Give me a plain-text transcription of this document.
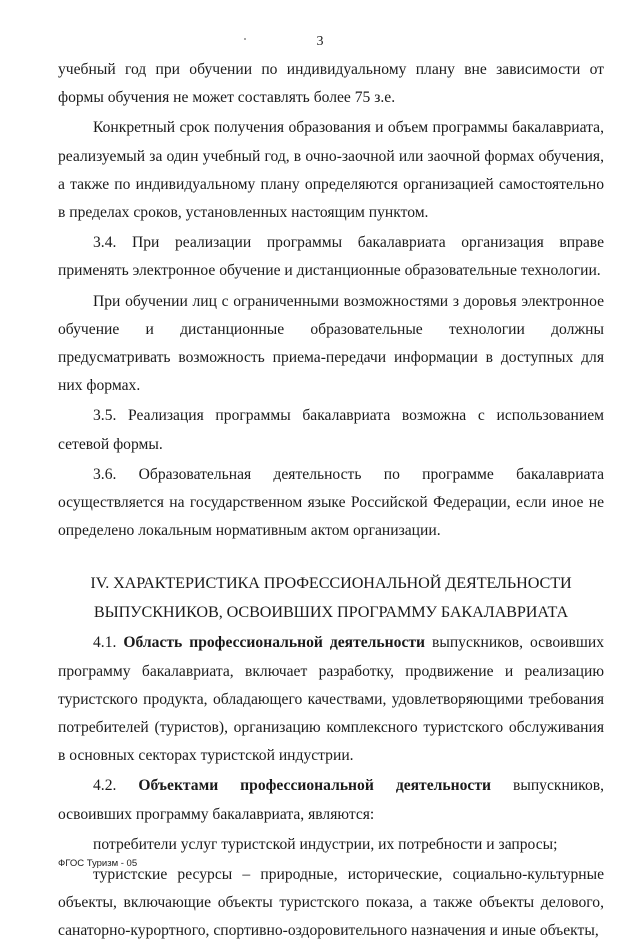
3

учебный год при обучении по индивидуальному плану вне зависимости от формы обучения не может составлять более 75 з.е.

Конкретный срок получения образования и объем программы бакалавриата, реализуемый за один учебный год, в очно-заочной или заочной формах обучения, а также по индивидуальному плану определяются организацией самостоятельно в пределах сроков, установленных настоящим пунктом.

3.4. При реализации программы бакалавриата организация вправе применять электронное обучение и дистанционные образовательные технологии.

При обучении лиц с ограниченными возможностями з доровья электронное обучение и дистанционные образовательные технологии должны предусматривать возможность приема-передачи информации в доступных для них формах.

3.5. Реализация программы бакалавриата возможна с использованием сетевой формы.

3.6. Образовательная деятельность по программе бакалавриата осуществляется на государственном языке Российской Федерации, если иное не определено локальным нормативным актом организации.

IV. ХАРАКТЕРИСТИКА ПРОФЕССИОНАЛЬНОЙ ДЕЯТЕЛЬНОСТИ
ВЫПУСКНИКОВ, ОСВОИВШИХ ПРОГРАММУ БАКАЛАВРИАТА

4.1. Область профессиональной деятельности выпускников, освоивших программу бакалавриата, включает разработку, продвижение и реализацию туристского продукта, обладающего качествами, удовлетворяющими требования потребителей (туристов), организацию комплексного туристского обслуживания в основных секторах туристской индустрии.

4.2. Объектами профессиональной деятельности выпускников, освоивших программу бакалавриата, являются:

потребители услуг туристской индустрии, их потребности и запросы;

туристские ресурсы – природные, исторические, социально-культурные объекты, включающие объекты туристского показа, а также объекты делового, санаторно-курортного, спортивно-оздоровительного назначения и иные объекты,

ФГОС Туризм - 05
